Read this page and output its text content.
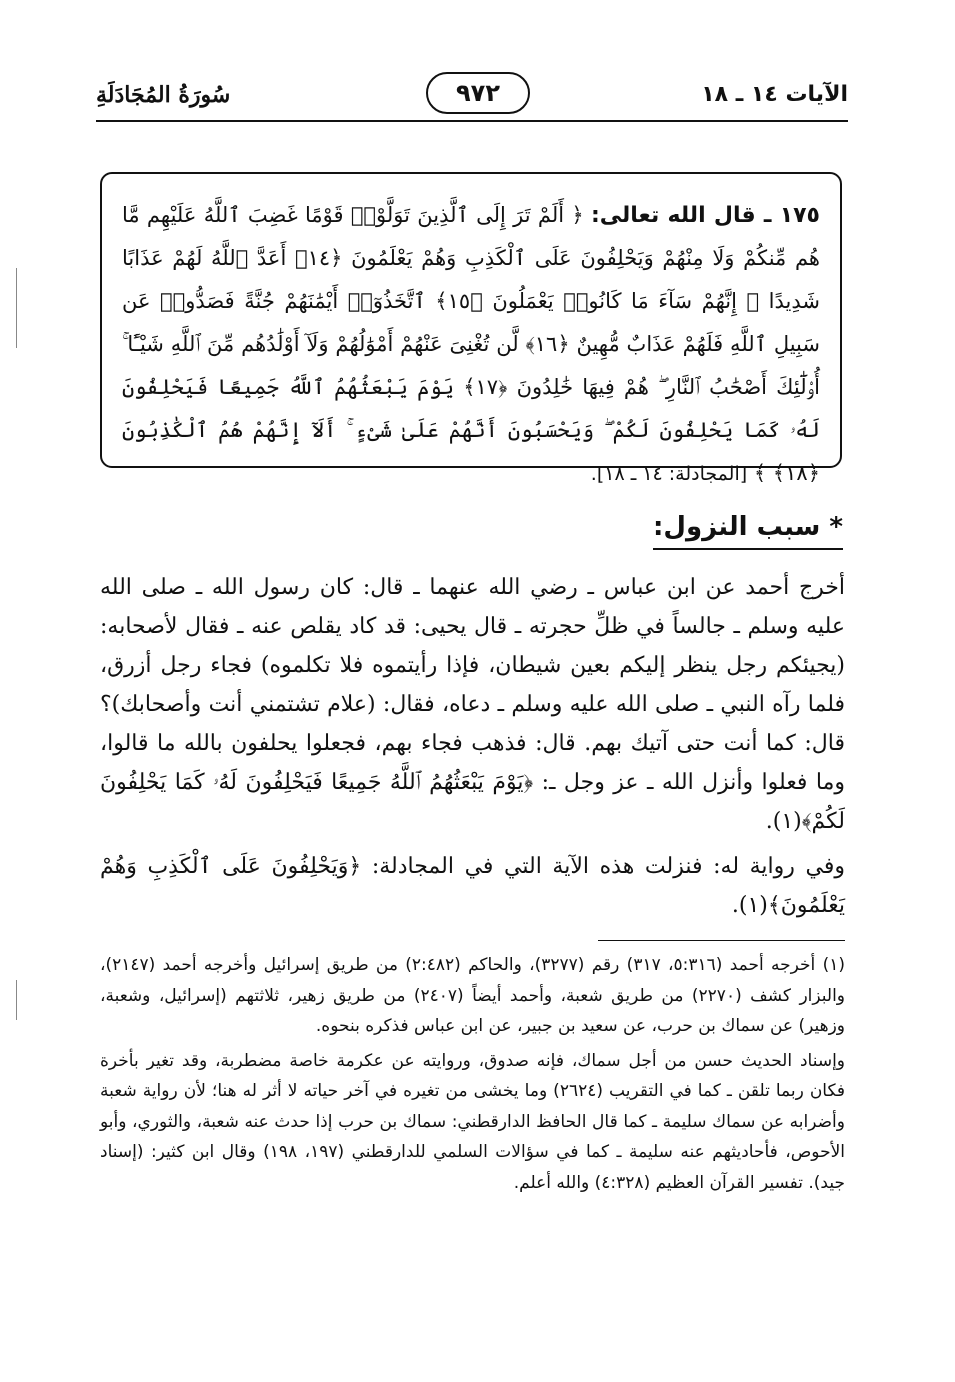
سُورَةُ المُجَادَلَةِ	٩٧٢	الآيات ١٤ ـ ١٨

١٧٥ ـ قال الله تعالى: ﴿ أَلَمْ تَرَ إِلَى ٱلَّذِينَ تَوَلَّوْا۟ قَوْمًا غَضِبَ ٱللَّهُ عَلَيْهِم مَّا هُم مِّنكُمْ وَلَا مِنْهُمْ وَيَحْلِفُونَ عَلَى ٱلْكَذِبِ وَهُمْ يَعْلَمُونَ ﴿١٤﴾ أَعَدَّ ٱللَّهُ لَهُمْ عَذَابًا شَدِيدًا ۖ إِنَّهُمْ سَآءَ مَا كَانُوا۟ يَعْمَلُونَ ﴿١٥﴾ ٱتَّخَذُوٓا۟ أَيْمَٰنَهُمْ جُنَّةً فَصَدُّوا۟ عَن سَبِيلِ ٱللَّهِ فَلَهُمْ عَذَابٌ مُّهِينٌ ﴿١٦﴾ لَّن تُغْنِىَ عَنْهُمْ أَمْوَٰلُهُمْ وَلَآ أَوْلَٰدُهُم مِّنَ ٱللَّهِ شَيْـًٔا ۚ أُو۟لَٰٓئِكَ أَصْحَٰبُ ٱلنَّارِ ۖ هُمْ فِيهَا خَٰلِدُونَ ﴿١٧﴾ يَوْمَ يَبْعَثُهُمُ ٱللَّهُ جَمِيعًا فَيَحْلِفُونَ لَهُۥ كَمَا يَحْلِفُونَ لَكُمْ ۖ وَيَحْسَبُونَ أَنَّهُمْ عَلَىٰ شَىْءٍ ۚ أَلَآ إِنَّهُمْ هُمُ ٱلْكَٰذِبُونَ ﴿١٨﴾ ﴾ [المجادلة: ١٤ ـ ١٨].

* سبب النزول:

أخرج أحمد عن ابن عباس ـ رضي الله عنهما ـ قال: كان رسول الله ـ صلى الله عليه وسلم ـ جالساً في ظلِّ حجرته ـ قال يحيى: قد كاد يقلص عنه ـ فقال لأصحابه: (يجيئكم رجل ينظر إليكم بعين شيطان، فإذا رأيتموه فلا تكلموه) فجاء رجل أزرق، فلما رآه النبي ـ صلى الله عليه وسلم ـ دعاه، فقال: (علام تشتمني أنت وأصحابك)؟ قال: كما أنت حتى آتيك بهم. قال: فذهب فجاء بهم، فجعلوا يحلفون بالله ما قالوا، وما فعلوا وأنزل الله ـ عز وجل ـ: ﴿يَوْمَ يَبْعَثُهُمُ ٱللَّهُ جَمِيعًا فَيَحْلِفُونَ لَهُۥ كَمَا يَحْلِفُونَ لَكُمْ﴾(١).

وفي رواية له: فنزلت هذه الآية التي في المجادلة: ﴿وَيَحْلِفُونَ عَلَى ٱلْكَذِبِ وَهُمْ يَعْلَمُونَ﴾(١).

(١) أخرجه أحمد (٥:٣١٦، ٣١٧) رقم (٣٢٧٧)، والحاكم (٢:٤٨٢) من طريق إسرائيل وأخرجه أحمد (٢١٤٧)، والبزار كشف (٢٢٧٠) من طريق شعبة، وأحمد أيضاً (٢٤٠٧) من طريق زهير، ثلاثتهم (إسرائيل، وشعبة، وزهير) عن سماك بن حرب، عن سعيد بن جبير، عن ابن عباس فذكره بنحوه.

وإسناد الحديث حسن من أجل سماك، فإنه صدوق، وروايته عن عكرمة خاصة مضطربة، وقد تغير بأخرة فكان ربما تلقن ـ كما في التقريب (٢٦٢٤) وما يخشى من تغيره في آخر حياته لا أثر له هنا؛ لأن رواية شعبة وأضرابه عن سماك سليمة ـ كما قال الحافظ الدارقطني: سماك بن حرب إذا حدث عنه شعبة، والثوري، وأبو الأحوص، فأحاديثهم عنه سليمة ـ كما في سؤالات السلمي للدارقطني (١٩٧، ١٩٨) وقال ابن كثير: (إسناد جيد). تفسير القرآن العظيم (٤:٣٢٨) والله أعلم.
